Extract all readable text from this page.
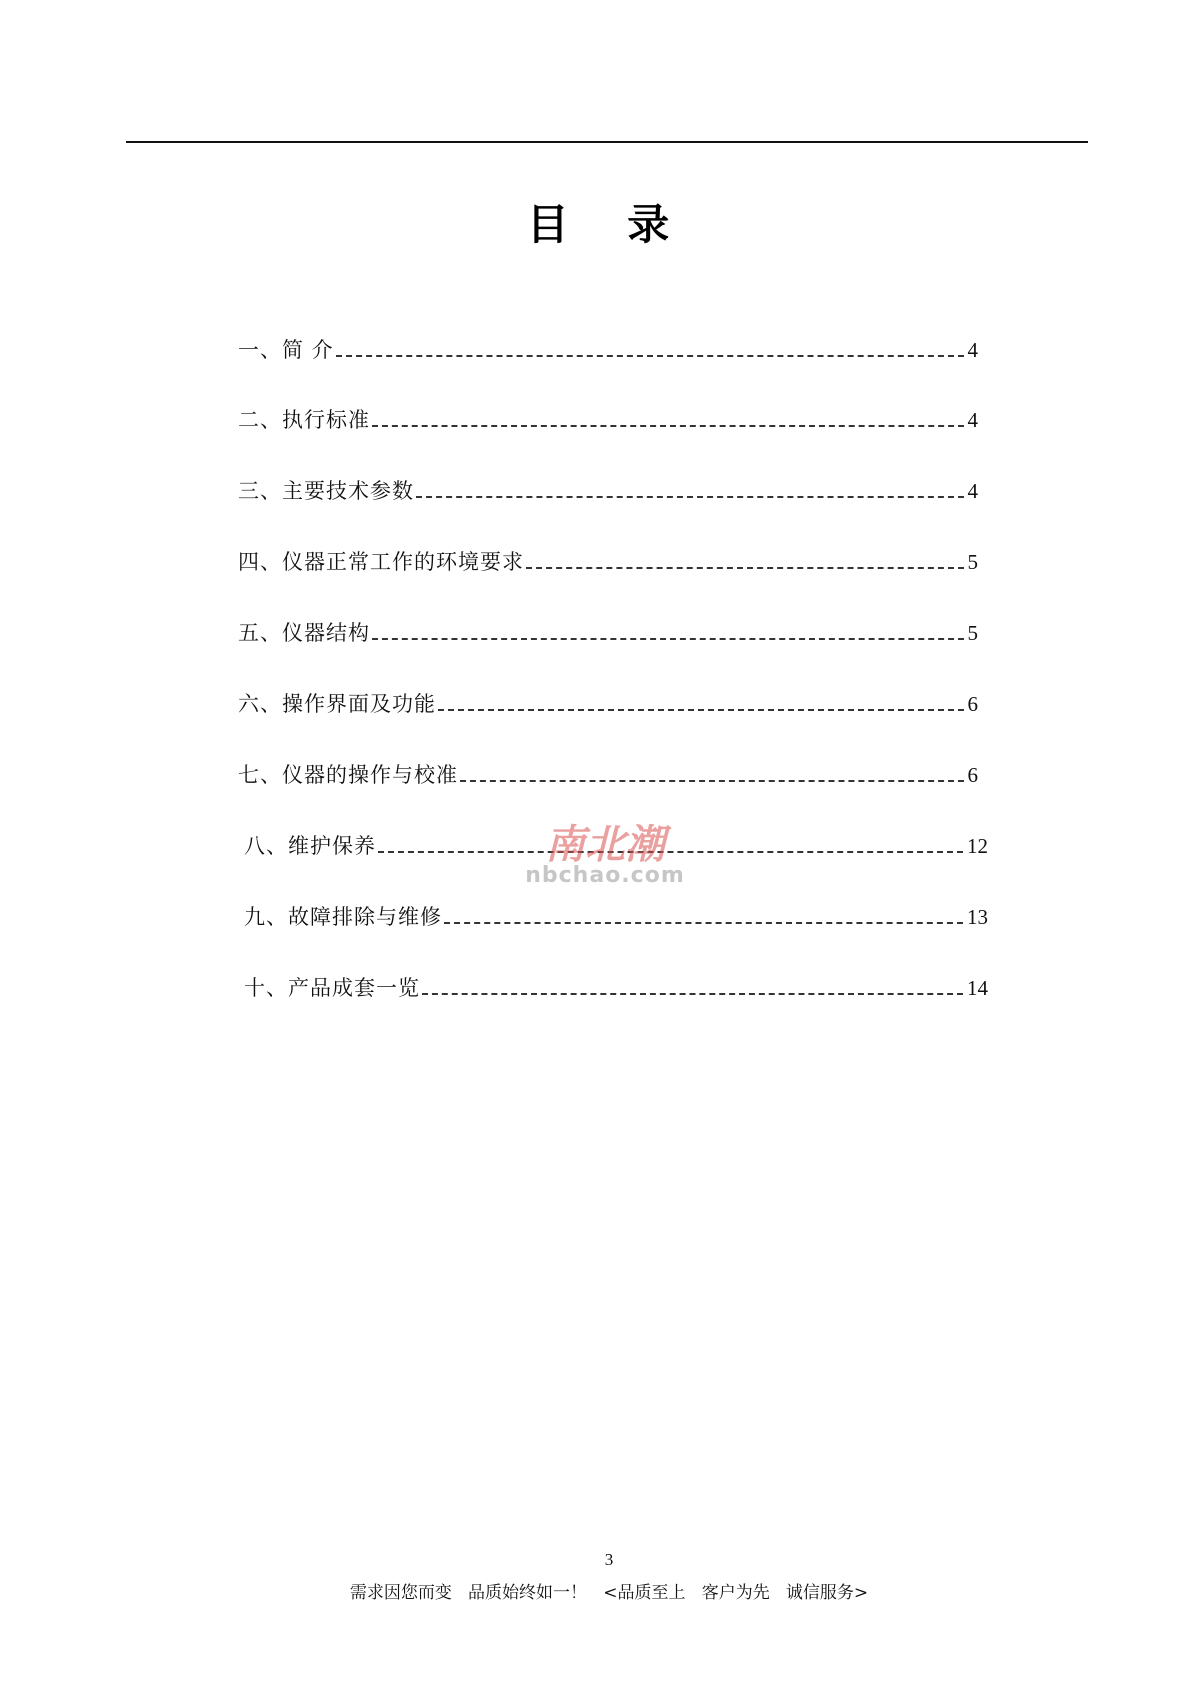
目 录
一、简 介	4
二、执行标准	4
三、主要技术参数	4
四、仪器正常工作的环境要求	5
五、仪器结构	5
六、操作界面及功能	6
七、仪器的操作与校准	6
八、维护保养	12
九、故障排除与维修	13
十、产品成套一览	14
南北潮
nbchao.com
3
需求因您而变   品质始终如一！   <品质至上   客户为先   诚信服务>
